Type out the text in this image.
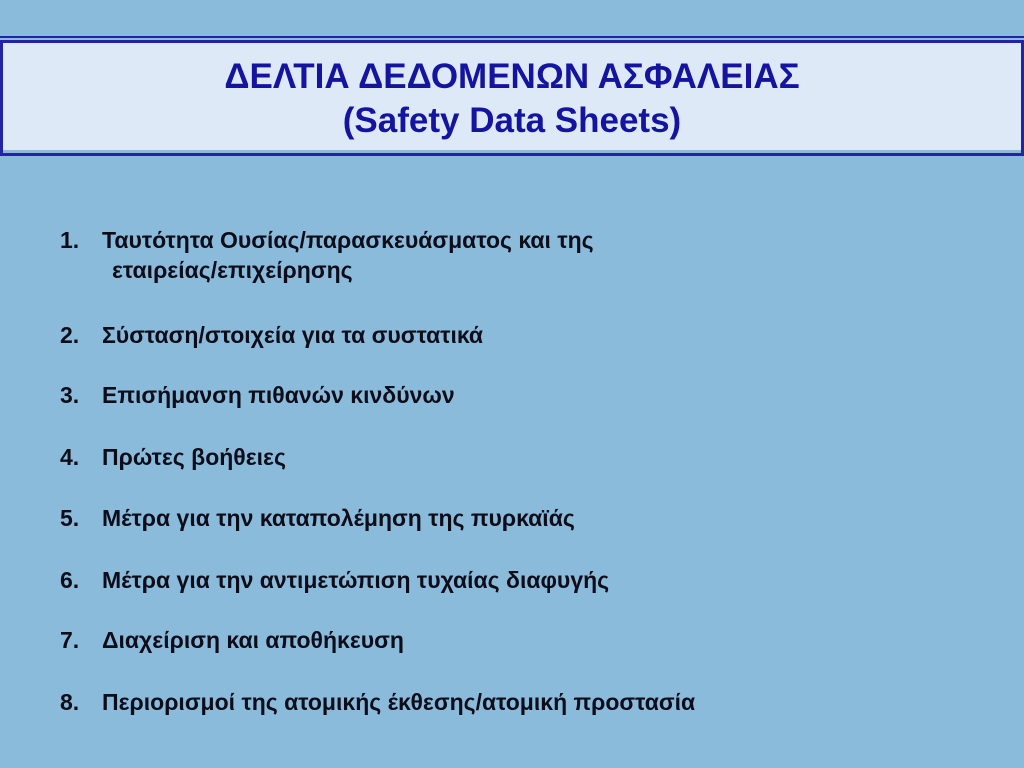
ΔΕΛΤΙΑ ΔΕΔΟΜΕΝΩΝ ΑΣΦΑΛΕΙΑΣ
(Safety Data Sheets)
1. Ταυτότητα Ουσίας/παρασκευάσματος και της
εταιρείας/επιχείρησης
2. Σύσταση/στοιχεία για τα συστατικά
3. Επισήμανση πιθανών κινδύνων
4. Πρώτες βοήθειες
5. Μέτρα για την καταπολέμηση της πυρκαϊάς
6. Μέτρα για την αντιμετώπιση τυχαίας διαφυγής
7. Διαχείριση και αποθήκευση
8. Περιορισμοί της ατομικής έκθεσης/ατομική προστασία
